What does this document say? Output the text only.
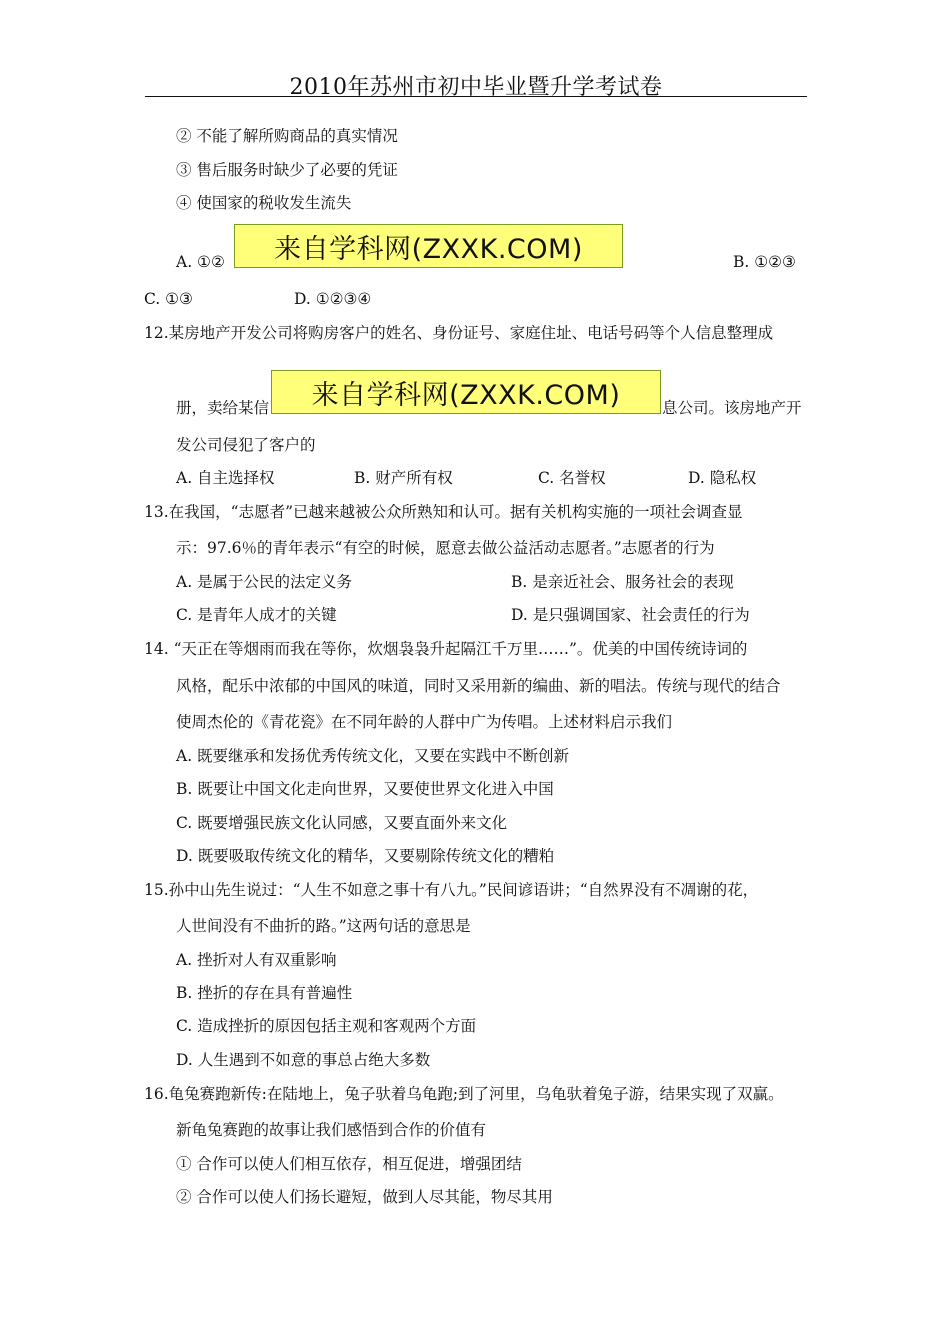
2010年苏州市初中毕业暨升学考试卷
② 不能了解所购商品的真实情况
③ 售后服务时缺少了必要的凭证
④ 使国家的税收发生流失
A. ①②	来自学科网(ZXXK.COM)	B. ①②③
C. ①③	D. ①②③④
12.某房地产开发公司将购房客户的姓名、身份证号、家庭住址、电话号码等个人信息整理成
册，卖给某信	来自学科网(ZXXK.COM)	息公司。该房地产开
发公司侵犯了客户的
A. 自主选择权	B. 财产所有权	C. 名誉权	D. 隐私权
13.在我国，“志愿者”已越来越被公众所熟知和认可。据有关机构实施的一项社会调查显
示：97.6％的青年表示“有空的时候，愿意去做公益活动志愿者。”志愿者的行为
A. 是属于公民的法定义务	B. 是亲近社会、服务社会的表现
C. 是青年人成才的关键	D. 是只强调国家、社会责任的行为
14. “天正在等烟雨而我在等你，炊烟袅袅升起隔江千万里……”。优美的中国传统诗词的
风格，配乐中浓郁的中国风的味道，同时又采用新的编曲、新的唱法。传统与现代的结合
使周杰伦的《青花瓷》在不同年龄的人群中广为传唱。上述材料启示我们
A. 既要继承和发扬优秀传统文化，又要在实践中不断创新
B. 既要让中国文化走向世界，又要使世界文化进入中国
C. 既要增强民族文化认同感，又要直面外来文化
D. 既要吸取传统文化的精华，又要剔除传统文化的糟粕
15.孙中山先生说过：“人生不如意之事十有八九。”民间谚语讲；“自然界没有不凋谢的花，
人世间没有不曲折的路。”这两句话的意思是
A. 挫折对人有双重影响
B. 挫折的存在具有普遍性
C. 造成挫折的原因包括主观和客观两个方面
D. 人生遇到不如意的事总占绝大多数
16.龟兔赛跑新传:在陆地上，兔子驮着乌龟跑;到了河里，乌龟驮着兔子游，结果实现了双赢。
新龟兔赛跑的故事让我们感悟到合作的价值有
① 合作可以使人们相互依存，相互促进，增强团结
② 合作可以使人们扬长避短，做到人尽其能，物尽其用
